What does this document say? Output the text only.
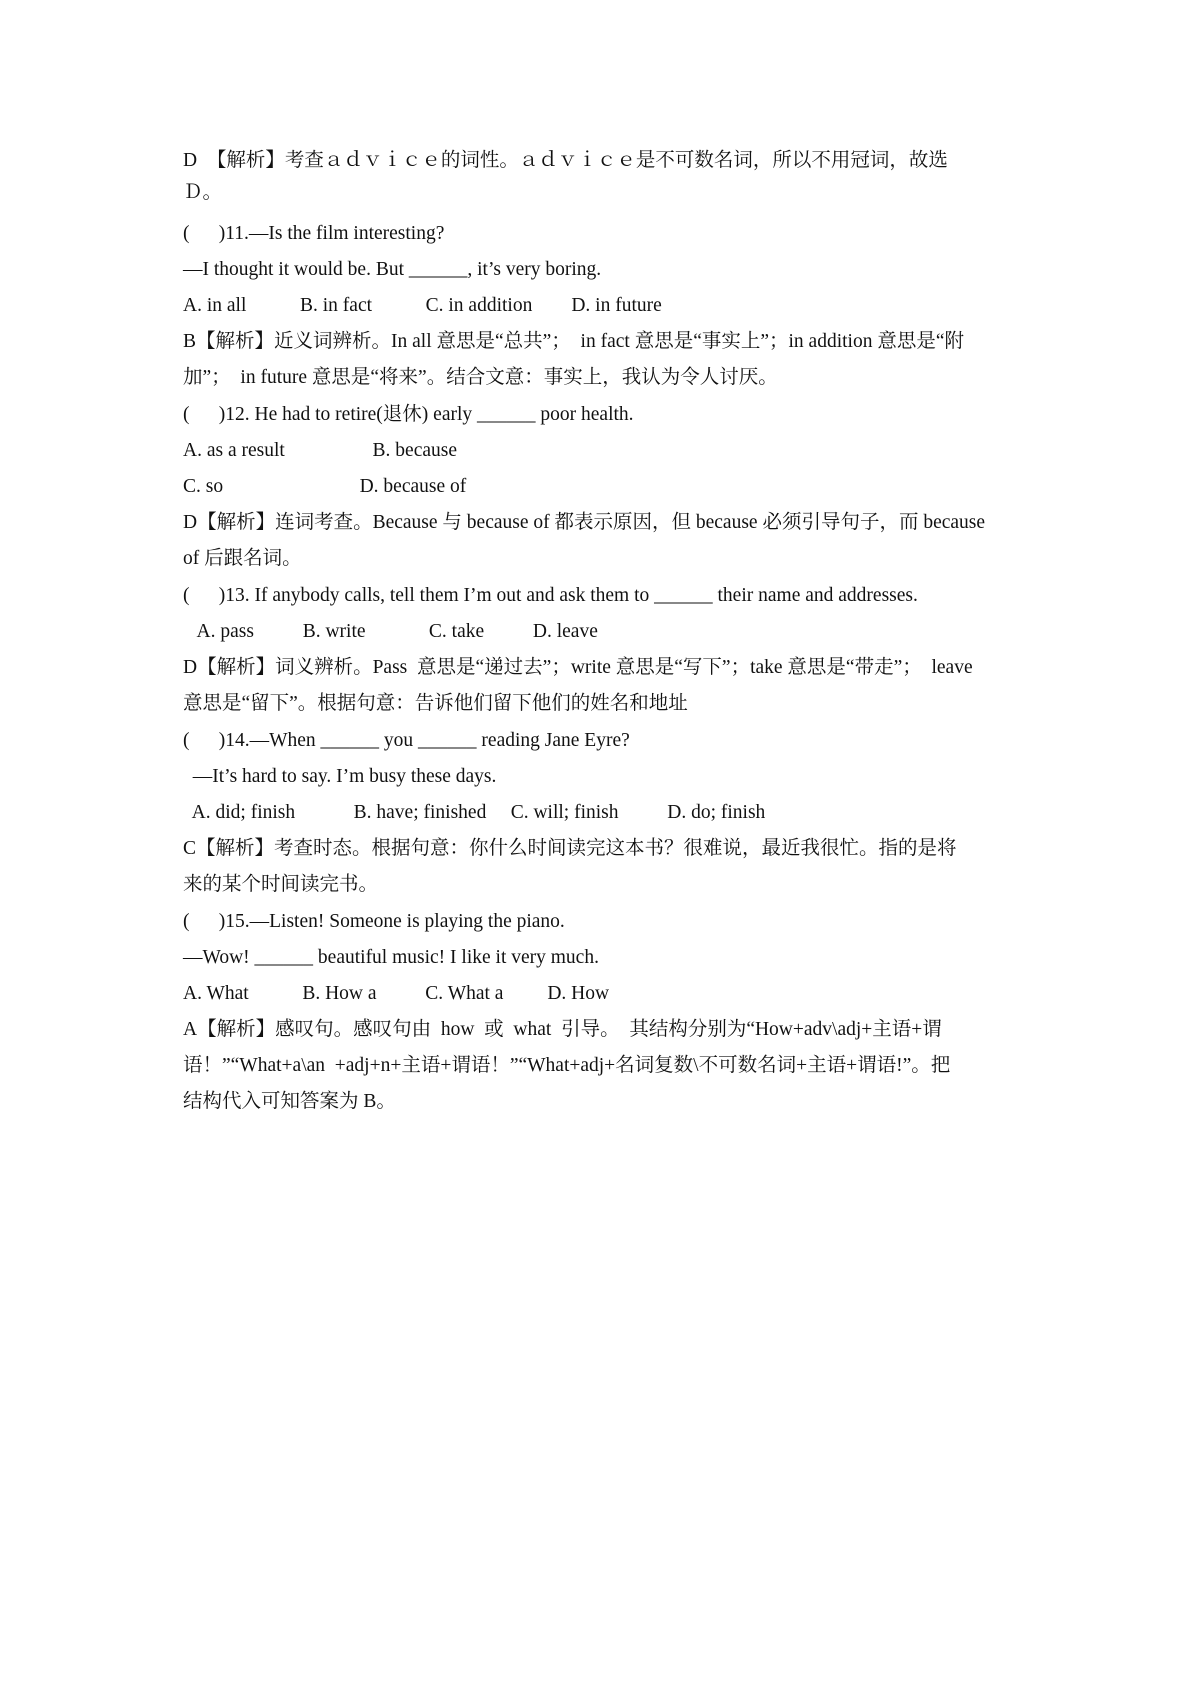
D　【解析】考查ａｄｖｉｃｅ的词性。ａｄｖｉｃｅ是不可数名词，所以不用冠词，故选
Ｄ。
(      )11.—Is the film interesting?
—I thought it would be. But ______, it’s very boring.
A. in all           B. in fact           C. in addition        D. in future
B【解析】近义词辨析。In all 意思是“总共”；  in fact 意思是“事实上”；in addition 意思是“附
加”；  in future 意思是“将来”。结合文意：事实上，我认为令人讨厌。
(      )12. He had to retire(退休) early ______ poor health.
A. as a result                  B. because
C. so                            D. because of
D【解析】连词考查。Because 与 because of 都表示原因，但 because 必须引导句子，而 because
of 后跟名词。
(      )13. If anybody calls, tell them I’m out and ask them to ______ their name and addresses.
A. pass          B. write             C. take          D. leave
D【解析】词义辨析。Pass  意思是“递过去”；write 意思是“写下”；take 意思是“带走”；  leave
意思是“留下”。根据句意：告诉他们留下他们的姓名和地址
(      )14.—When ______ you ______ reading Jane Eyre?
—It’s hard to say. I’m busy these days.
A. did; finish            B. have; finished     C. will; finish          D. do; finish
C【解析】考查时态。根据句意：你什么时间读完这本书？很难说，最近我很忙。指的是将
来的某个时间读完书。
(      )15.—Listen! Someone is playing the piano.
—Wow! ______ beautiful music! I like it very much.
A. What           B. How a          C. What a         D. How
A【解析】感叹句。感叹句由  how  或  what  引导。  其结构分别为“How+adv\adj+主语+谓
语！”“What+a\an  +adj+n+主语+谓语！”“What+adj+名词复数\不可数名词+主语+谓语!”。把
结构代入可知答案为 B。
